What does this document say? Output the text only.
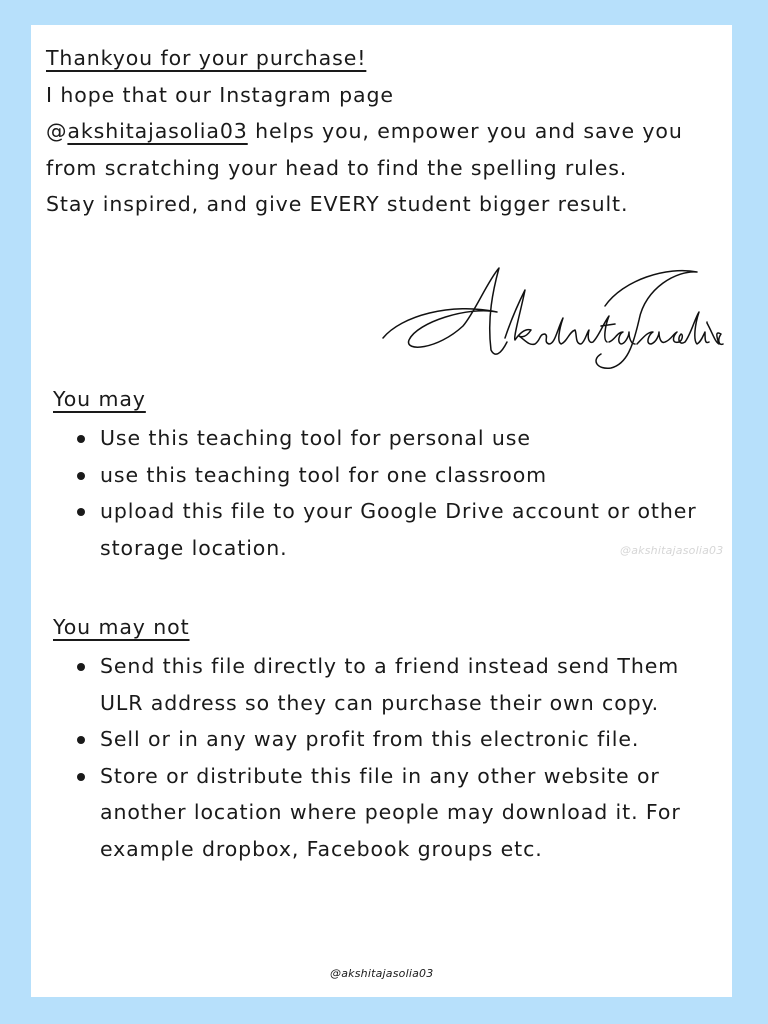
Thankyou for your purchase!

I hope that our Instagram page

@akshitajasolia03 helps you, empower you and save you from scratching your head to find the spelling rules.

Stay inspired, and give EVERY student bigger result.

You may
Use this teaching tool for personal use
use this teaching tool for one classroom
upload this file to your Google Drive account or other storage location.	@akshitajasolia03
You may not
Send this file directly to a friend instead send Them ULR address so they can purchase their own copy.
Sell or in any way profit from this electronic file.
Store or distribute this file in any other website or another location where people may download it. For example dropbox, Facebook groups etc.
@akshitajasolia03
